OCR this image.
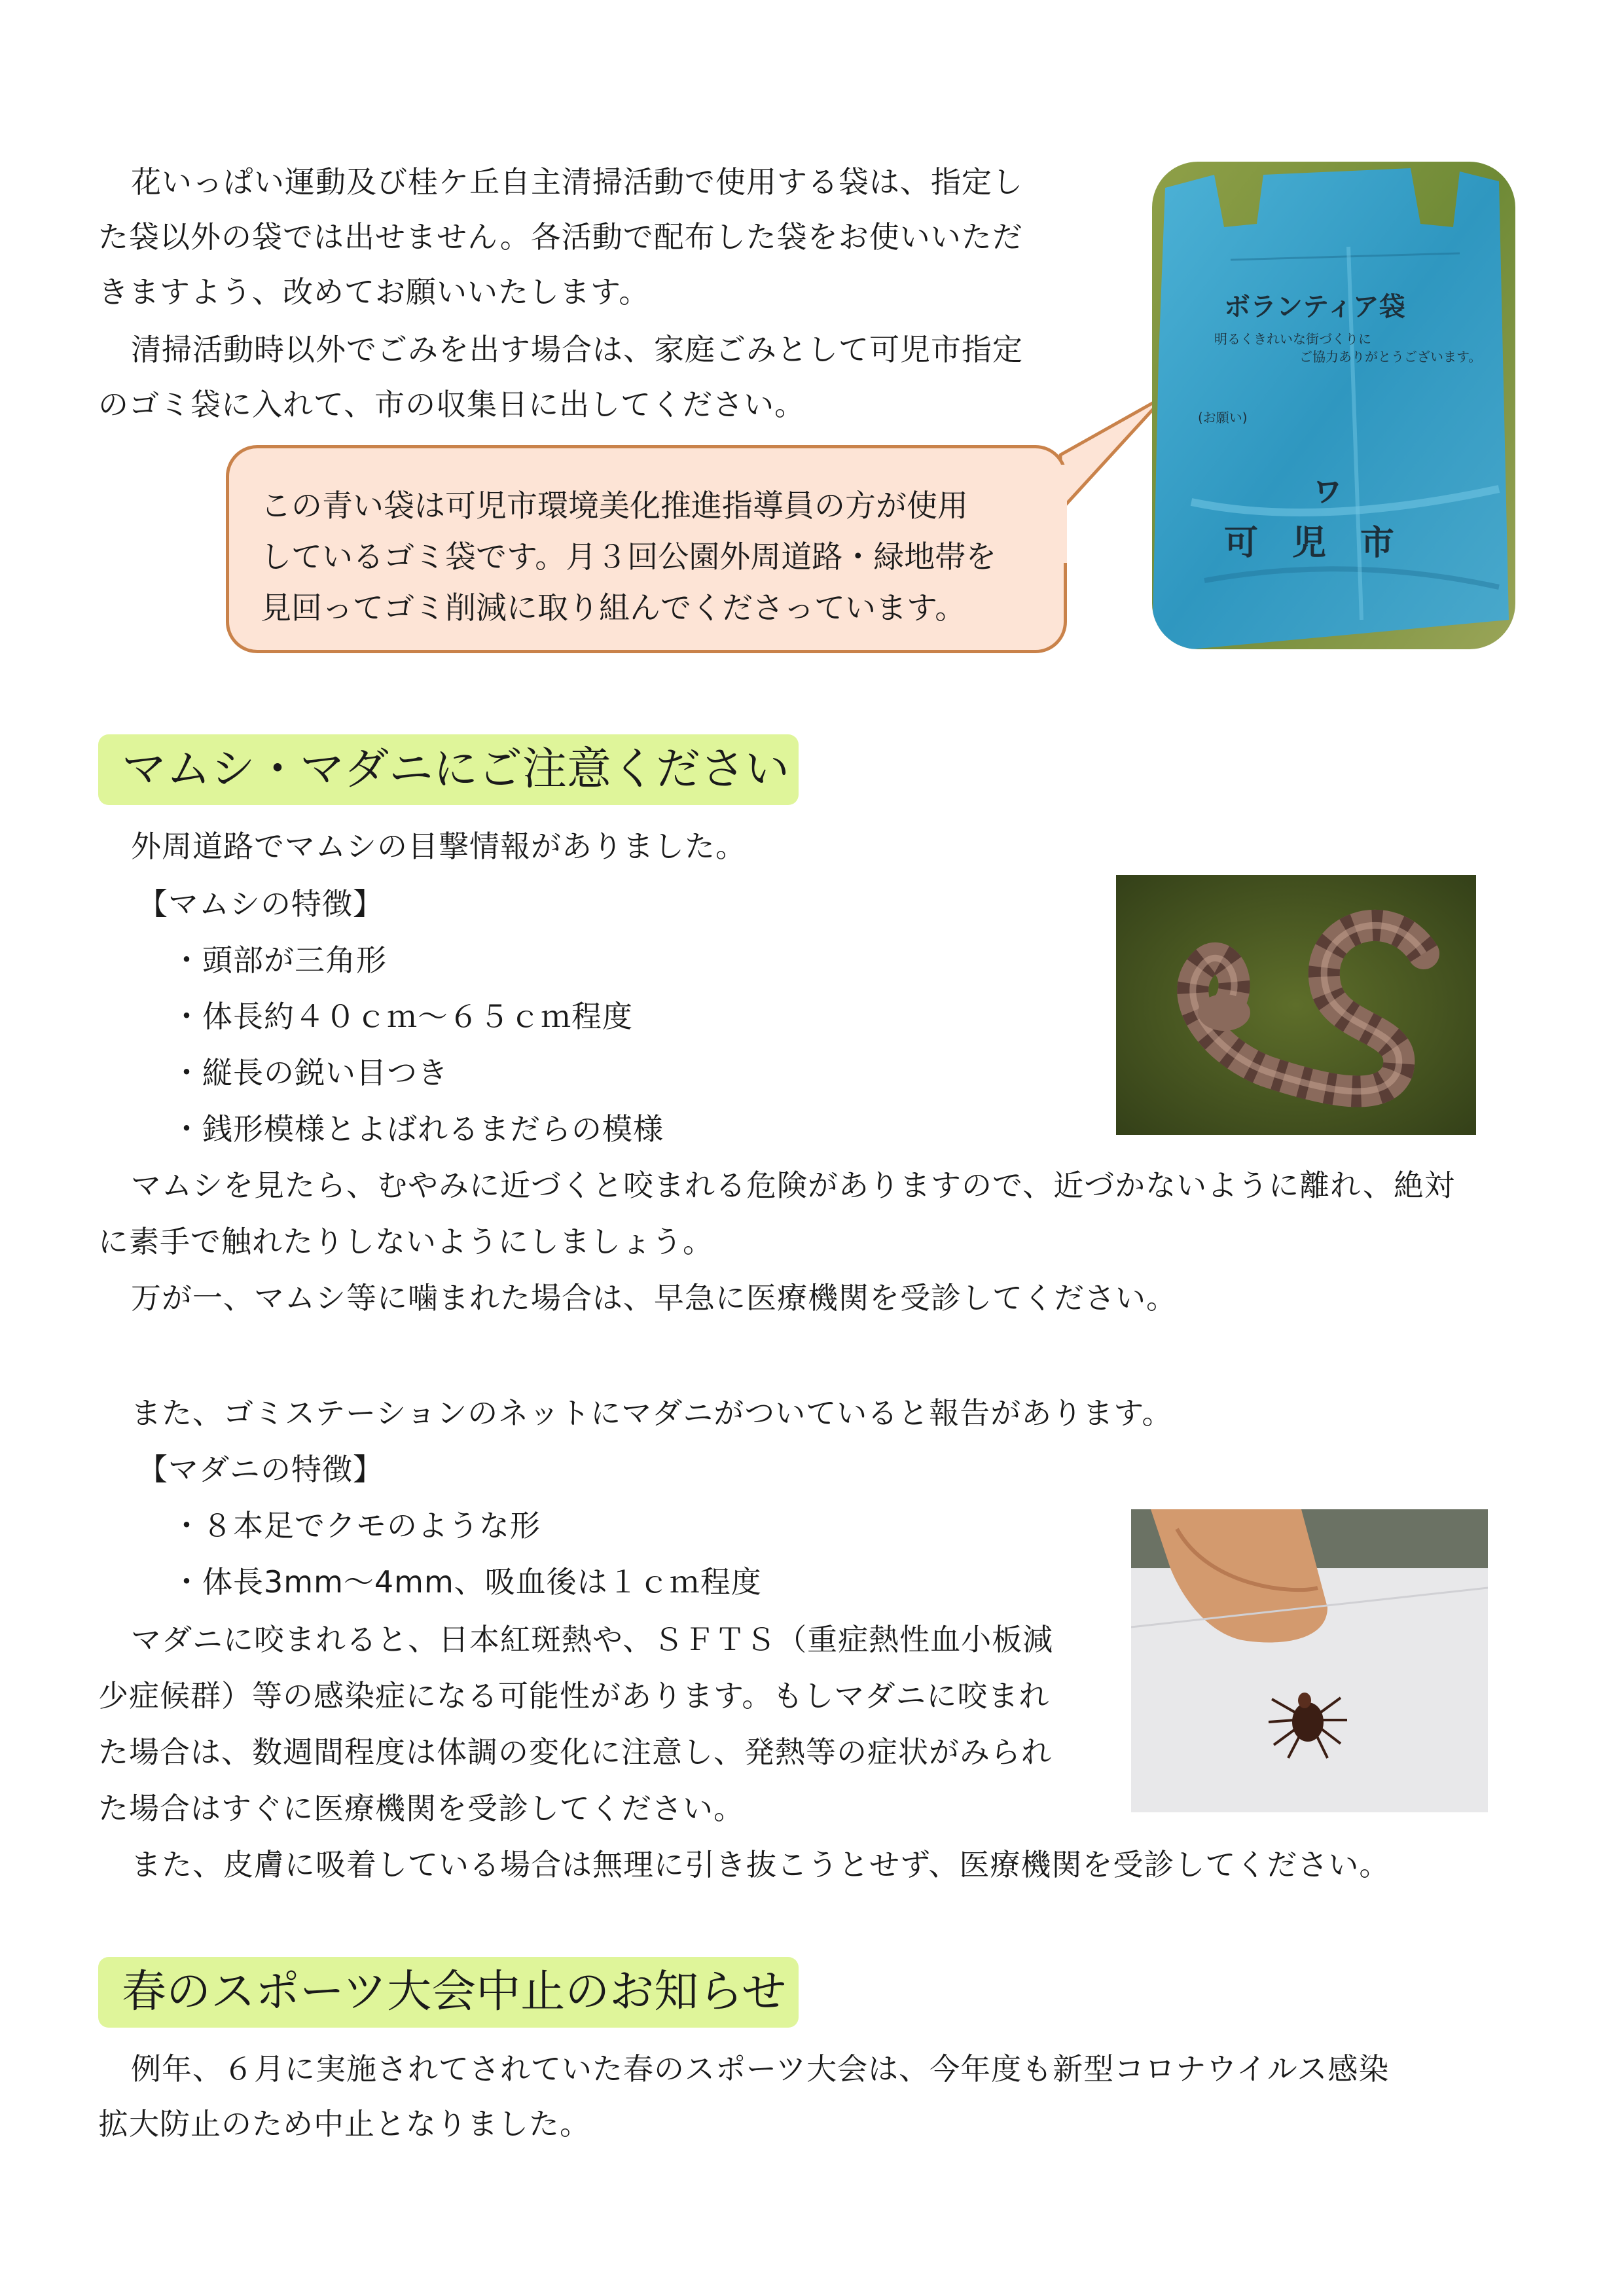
花いっぱい運動及び桂ケ丘自主清掃活動で使用する袋は、指定し
た袋以外の袋では出せません。各活動で配布した袋をお使いいただ
きますよう、改めてお願いいたします。
清掃活動時以外でごみを出す場合は、家庭ごみとして可児市指定
のゴミ袋に入れて、市の収集日に出してください。

この青い袋は可児市環境美化推進指導員の方が使用

しているゴミ袋です。月３回公園外周道路・緑地帯を

見回ってゴミ削減に取り組んでくださっています。

ボランティア袋
明るくきれいな街づくりに
ご協力ありがとうございます。
(お願い)
ヮ
可　児　市
マムシ・マダニにご注意ください
外周道路でマムシの目撃情報がありました。
【マムシの特徴】
・頭部が三角形
・体長約４０ｃｍ～６５ｃｍ程度
・縦長の鋭い目つき
・銭形模様とよばれるまだらの模様
マムシを見たら、むやみに近づくと咬まれる危険がありますので、近づかないように離れ、絶対
に素手で触れたりしないようにしましょう。
万が一、マムシ等に噛まれた場合は、早急に医療機関を受診してください。
また、ゴミステーションのネットにマダニがついていると報告があります。
【マダニの特徴】
・８本足でクモのような形
・体長3mm～4mm、吸血後は１ｃｍ程度
マダニに咬まれると、日本紅斑熱や、ＳＦＴＳ（重症熱性血小板減
少症候群）等の感染症になる可能性があります。もしマダニに咬まれ
た場合は、数週間程度は体調の変化に注意し、発熱等の症状がみられ
た場合はすぐに医療機関を受診してください。
また、皮膚に吸着している場合は無理に引き抜こうとせず、医療機関を受診してください。
春のスポーツ大会中止のお知らせ
例年、６月に実施されてされていた春のスポーツ大会は、今年度も新型コロナウイルス感染
拡大防止のため中止となりました。
